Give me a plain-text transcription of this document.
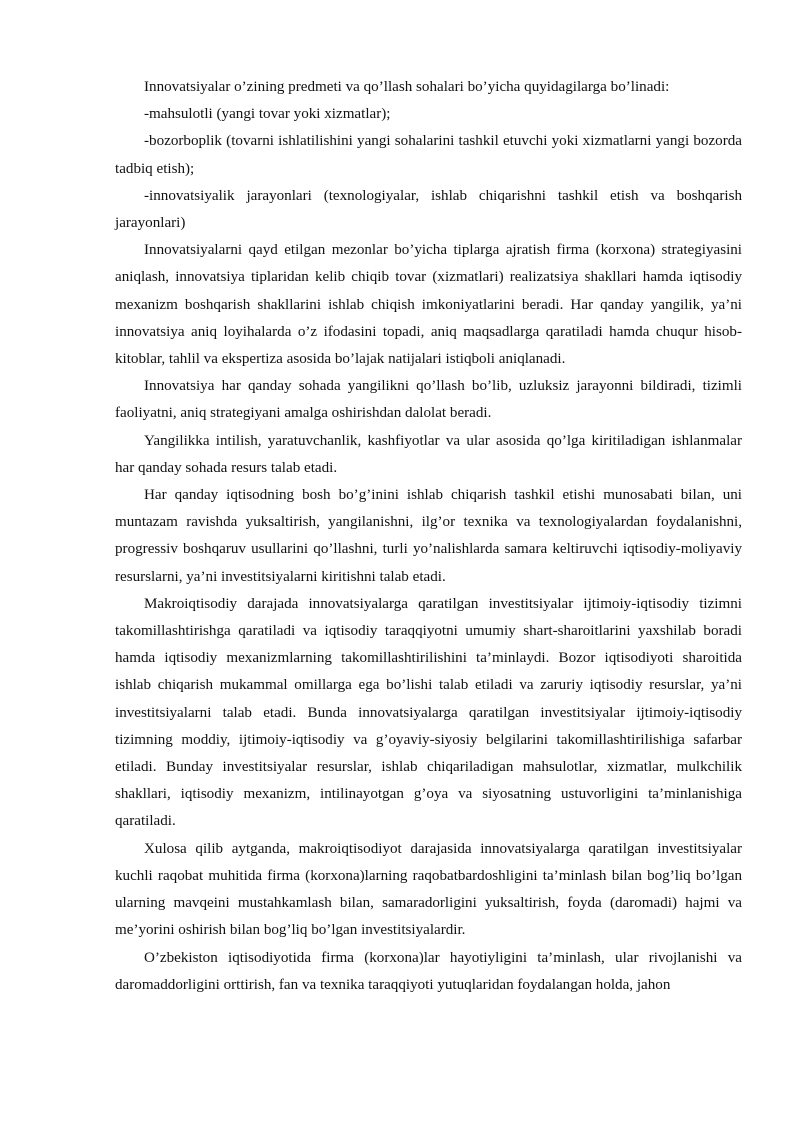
Innovatsiyalar o’zining predmeti va qo’llash sohalari bo’yicha quyidagilarga bo’linadi:

-mahsulotli (yangi tovar yoki xizmatlar);

-bozorboplik (tovarni ishlatilishini yangi sohalarini tashkil etuvchi yoki xizmatlarni yangi bozorda tadbiq etish);

-innovatsiyalik jarayonlari (texnologiyalar, ishlab chiqarishni tashkil etish va boshqarish jarayonlari)

Innovatsiyalarni qayd etilgan mezonlar bo’yicha tiplarga ajratish firma (korxona) strategiyasini aniqlash, innovatsiya tiplaridan kelib chiqib tovar (xizmatlari) realizatsiya shakllari hamda iqtisodiy mexanizm boshqarish shakllarini ishlab chiqish imkoniyatlarini beradi. Har qanday yangilik, ya’ni innovatsiya aniq loyihalarda o’z ifodasini topadi, aniq maqsadlarga qaratiladi hamda chuqur hisob-kitoblar, tahlil va ekspertiza asosida bo’lajak natijalari istiqboli aniqlanadi.

Innovatsiya har qanday sohada yangilikni qo’llash bo’lib, uzluksiz jarayonni bildiradi, tizimli faoliyatni, aniq strategiyani amalga oshirishdan dalolat beradi.

Yangilikka intilish, yaratuvchanlik, kashfiyotlar va ular asosida qo’lga kiritiladigan ishlanmalar har qanday sohada resurs talab etadi.

Har qanday iqtisodning bosh bo’g’inini ishlab chiqarish tashkil etishi munosabati bilan, uni muntazam ravishda yuksaltirish, yangilanishni, ilg’or texnika va texnologiyalardan foydalanishni, progressiv boshqaruv usullarini qo’llashni, turli yo’nalishlarda samara keltiruvchi iqtisodiy-moliyaviy resurslarni, ya’ni investitsiyalarni kiritishni talab etadi.

Makroiqtisodiy darajada innovatsiyalarga qaratilgan investitsiyalar ijtimoiy-iqtisodiy tizimni takomillashtirishga qaratiladi va iqtisodiy taraqqiyotni umumiy shart-sharoitlarini yaxshilab boradi hamda iqtisodiy mexanizmlarning takomillashtirilishini ta’minlaydi. Bozor iqtisodiyoti sharoitida ishlab chiqarish mukammal omillarga ega bo’lishi talab etiladi va zaruriy iqtisodiy resurslar, ya’ni investitsiyalarni talab etadi. Bunda innovatsiyalarga qaratilgan investitsiyalar ijtimoiy-iqtisodiy tizimning moddiy, ijtimoiy-iqtisodiy va g’oyaviy-siyosiy belgilarini takomillashtirilishiga safarbar etiladi. Bunday investitsiyalar resurslar, ishlab chiqariladigan mahsulotlar, xizmatlar, mulkchilik shakllari, iqtisodiy mexanizm, intilinayotgan g’oya va siyosatning ustuvorligini ta’minlanishiga qaratiladi.

Xulosa qilib aytganda, makroiqtisodiyot darajasida innovatsiyalarga qaratilgan investitsiyalar kuchli raqobat muhitida firma (korxona)larning raqobatbardoshligini ta’minlash bilan bog’liq bo’lgan ularning mavqeini mustahkamlash bilan, samaradorligini yuksaltirish, foyda (daromadi) hajmi va me’yorini oshirish bilan bog’liq bo’lgan investitsiyalardir.

O’zbekiston iqtisodiyotida firma (korxona)lar hayotiyligini ta’minlash, ular rivojlanishi va daromaddorligini orttirish, fan va texnika taraqqiyoti yutuqlaridan foydalangan holda, jahon
